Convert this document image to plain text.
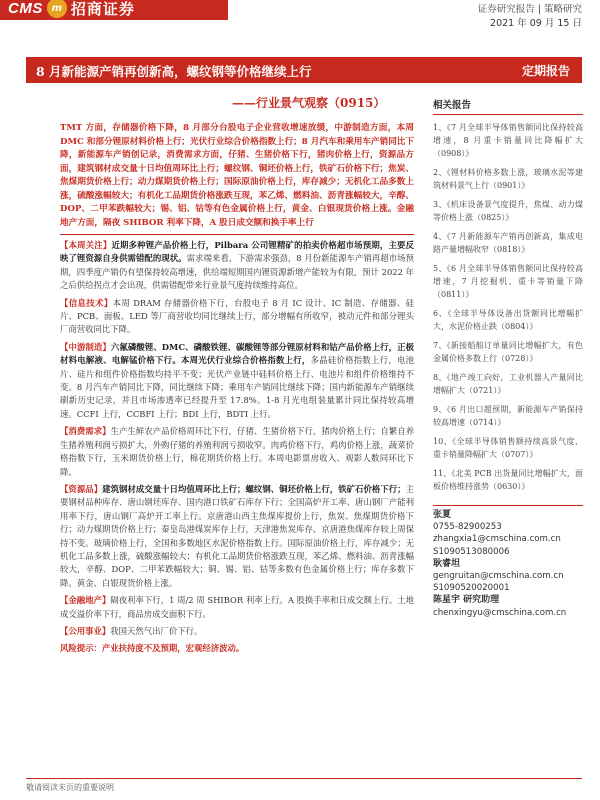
CMS m 招商证券	证券研究报告 | 策略研究
2021 年 09 月 15 日
8 月新能源产销再创新高，螺纹钢等价格继续上行	定期报告
——行业景气观察（0915）
TMT 方面，存储器价格下降，8 月部分台股电子企业营收增速放缓，中游制造方面，本周 DMC 和部分锂原材料价格上行；光伏行业综合价格指数上行；8 月汽车和乘用车产销同比下降，新能源车产销创记录，消费需求方面，仔猪、生猪价格下行，猪肉价格上行，资源品方面，建筑钢材成交量十日均值周环比上行；螺纹钢、铜坯价格上行，铁矿石价格下行；焦炭、焦煤期货价格上行；动力煤期货价格上行；国际原油价格上行，库存减少；无机化工品多数上涨，硫酸涨幅较大；有机化工品期货价格涨跌互现，苯乙烯、燃料油、沥青涨幅较大，辛醇、DOP、二甲苯跌幅较大；锡、铝、钴等有色金属价格上行，黄金、白银现货价格上涨。金融地产方面，隔夜 SHIBOR 利率下降，A 股日成交额和换手率上行
【本周关注】近期多种锂产品价格上行，Pilbara 公司锂精矿的拍卖价格超市场预期，主要反映了锂资源自身供需错配的现状。需求端来看，下游需求强劲，8 月份新能源车产销再超市场预期，四季度产销仍有望保持较高增速，供给端短期国内锂资源新增产能较为有限，预计 2022 年之后供给拐点才会出现，供需错配带来行业景气度持续维持高位。
【信息技术】本周 DRAM 存储器价格下行，台股电子 8 月 IC 设计、IC 制造、存储器、硅片、PCB、面板、LED 等厂商营收均同比继续上行，部分增幅有所收窄，被动元件和部分锂头厂商营收同比下降。
【中游制造】六氟磷酸锂、DMC、磷酸铁锂、碳酸锂等部分锂原材料和钴产品价格上行，正极材料电解液、电解锰价格下行。本周光伏行业综合价格指数上行，多晶硅价格指数上行，电池片、硅片和组件价格指数均持平不变；光伏产业链中硅料价格上行、电池片和组件价格维持不变。8 月汽车产销同比下降，同比继续下降；乘用车产销同比继续下降；国内新能源车产销继续刷新历史记录，并且市场渗透率已经提升至 17.8%。1-8 月光电组装量累计同比保持较高增速。CCFI 上行，CCBFI 上行；BDI 上行，BDTI 上行。
【消费需求】生产生鲜农产品价格周环比下行，仔猪、生猪价格下行，猪肉价格上行；自繁自养生猪养殖利润亏损扩大，外购仔猪的养殖利润亏损收窄。肉鸡价格下行，鸡肉价格上涨，蔬菜价格指数下行，玉米期货价格上行，棉花期货价格上行。本周电影票房收入、观影人数同环比下降。
【资源品】建筑钢材成交量十日均值周环比上行；螺纹钢、铜坯价格上行，铁矿石价格下行；主要钢材品种库存、唐山钢坯库存、国内港口铁矿石库存下行；全国高炉开工率、唐山钢厂产能利用率下行，唐山钢厂高炉开工率上行。京唐港山西主焦煤库提价上行，焦炭、焦煤期货价格下行；动力煤期货价格上行；秦皇岛港煤炭库存上行，天津港焦炭库存、京唐港焦煤库存较上周保持不变。玻璃价格上行，全国和多数地区水泥价格指数上行。国际原油价格上行，库存减少；无机化工品多数上涨，硫酸涨幅较大；有机化工品期货价格涨跌互现，苯乙烯、燃料油、沥青涨幅较大，辛醇、DOP、二甲苯跌幅较大；铜、锡、铝、钴等多数有色金属价格上行；库存多数下降。黄金、白银现货价格上涨。
【金融地产】隔夜利率下行，1 周/2 周 SHIBOR 利率上行。A 股换手率和日成交额上行。土地成交溢价率下行，商品房成交面积下行。
【公用事业】我国天然气出厂价下行。
风险提示：产业扶持度不及预期，宏观经济波动。
相关报告
1、《7 月全球半导体销售额同比保持较高增速，8 月重卡销量同比降幅扩大（0908）》
2、《锂材料价格多数上涨，玻璃水泥等建筑材料景气上行（0901）》
3、《机床设备景气度提升，焦煤、动力煤等价格上涨（0825）》
4、《7 月新能源车产销再创新高，集成电路产量增幅收窄（0818）》
5、《6 月全球半导体销售额同比保持较高增速，7 月挖掘机、重卡等销量下降（0811）》
6、《全球半导体设备出货额同比增幅扩大，水泥价格止跌（0804）》
7、《新接船舶订单量同比增幅扩大，有色金属价格多数上行（0728）》
8、《地产竣工向好，工业机器人产量同比增幅扩大（0721）》
9、《6 月出口超预期，新能源车产销保持较高增速（0714）》
10、《全球半导体销售额持续高景气度，重卡销量降幅扩大（0707）》
11、《北美 PCB 出货量同比增幅扩大，面板价格维持涨势（0630）》
张夏
0755-82900253
zhangxia1@cmschina.com.cn
S1090513080006
耿睿坦
gengruitan@cmschina.com.cn
S1090520020001
陈星宇 研究助理
chenxingyu@cmschina.com.cn
敬请阅读末页的重要说明
